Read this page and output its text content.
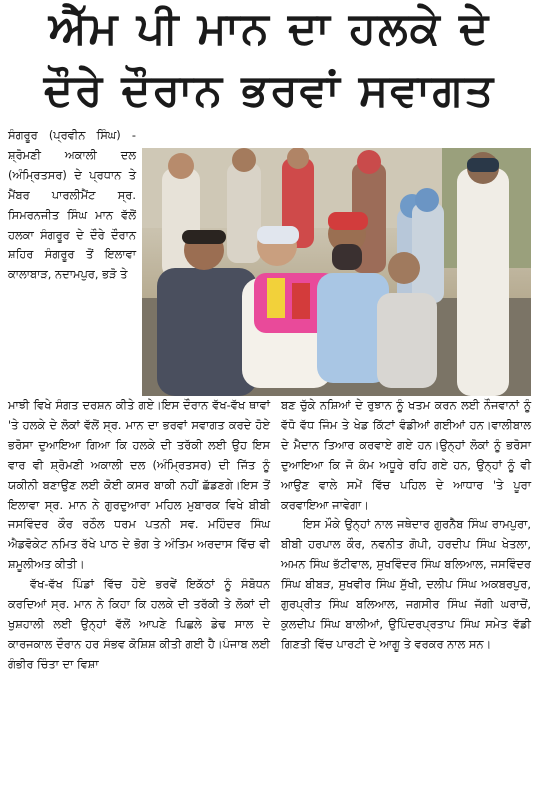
ਐੱਮ ਪੀ ਮਾਨ ਦਾ ਹਲਕੇ ਦੇ
ਦੌਰੇ ਦੌਰਾਨ ਭਰਵਾਂ ਸਵਾਗਤ

ਸੰਗਰੂਰ (ਪ੍ਰਵੀਨ ਸਿੰਘ) - ਸ਼੍ਰੋਮਣੀ ਅਕਾਲੀ ਦਲ (ਅੰਮ੍ਰਿਤਸਰ) ਦੇ ਪ੍ਰਧਾਨ ਤੇ ਮੈਂਬਰ ਪਾਰਲੀਮੈਂਟ ਸ੍ਰ. ਸਿਮਰਨਜੀਤ ਸਿੰਘ ਮਾਨ ਵੱਲੋਂ ਹਲਕਾ ਸੰਗਰੂਰ ਦੇ ਦੌਰੇ ਦੌਰਾਨ ਸ਼ਹਿਰ ਸੰਗਰੂਰ ਤੋਂ ਇਲਾਵਾ ਕਾਲਾਬਾੜ, ਨਦਾਮਪੁਰ, ਭੜੋ ਤੇ

ਮਾਝੀ ਵਿਖੇ ਸੰਗਤ ਦਰਸ਼ਨ ਕੀਤੇ ਗਏ।ਇਸ ਦੌਰਾਨ ਵੱਖ-ਵੱਖ ਥਾਵਾਂ 'ਤੇ ਹਲਕੇ ਦੇ ਲੋਕਾਂ ਵੱਲੋਂ ਸ੍ਰ. ਮਾਨ ਦਾ ਭਰਵਾਂ ਸਵਾਗਤ ਕਰਦੇ ਹੋਏ ਭਰੋਸਾ ਦੁਆਇਆ ਗਿਆ ਕਿ ਹਲਕੇ ਦੀ ਤਰੱਕੀ ਲਈ ਉਹ ਇਸ ਵਾਰ ਵੀ ਸ਼੍ਰੋਮਣੀ ਅਕਾਲੀ ਦਲ (ਅੰਮ੍ਰਿਤਸਰ) ਦੀ ਜਿੱਤ ਨੂੰ ਯਕੀਨੀ ਬਣਾਉਣ ਲਈ ਕੋਈ ਕਸਰ ਬਾਕੀ ਨਹੀਂ ਛੱਡਣਗੇ।ਇਸ ਤੋਂ ਇਲਾਵਾ ਸ੍ਰ. ਮਾਨ ਨੇ ਗੁਰਦੁਆਰਾ ਮਹਿਲ ਮੁਬਾਰਕ ਵਿਖੇ ਬੀਬੀ ਜਸਵਿੰਦਰ ਕੌਰ ਰਠੌਲ ਧਰਮ ਪਤਨੀ ਸਵ. ਮਹਿੰਦਰ ਸਿੰਘ ਐਡਵੋਕੇਟ ਨਮਿਤ ਰੱਖੇ ਪਾਠ ਦੇ ਭੋਗ ਤੇ ਅੰਤਿਮ ਅਰਦਾਸ ਵਿੱਚ ਵੀ ਸ਼ਮੂਲੀਅਤ ਕੀਤੀ।

ਵੱਖ-ਵੱਖ ਪਿੰਡਾਂ ਵਿੱਚ ਹੋਏ ਭਰਵੇਂ ਇਕੱਠਾਂ ਨੂੰ ਸੰਬੋਧਨ ਕਰਦਿਆਂ ਸ੍ਰ. ਮਾਨ ਨੇ ਕਿਹਾ ਕਿ ਹਲਕੇ ਦੀ ਤਰੱਕੀ ਤੇ ਲੋਕਾਂ ਦੀ ਖੁਸ਼ਹਾਲੀ ਲਈ ਉਨ੍ਹਾਂ ਵੱਲੋਂ ਆਪਣੇ ਪਿਛਲੇ ਡੇਢ ਸਾਲ ਦੇ ਕਾਰਜਕਾਲ ਦੌਰਾਨ ਹਰ ਸੰਭਵ ਕੋਸ਼ਿਸ਼ ਕੀਤੀ ਗਈ ਹੈ।ਪੰਜਾਬ ਲਈ ਗੰਭੀਰ ਚਿੰਤਾ ਦਾ ਵਿਸ਼ਾ

ਬਣ ਚੁੱਕੇ ਨਸ਼ਿਆਂ ਦੇ ਰੁਝਾਨ ਨੂੰ ਖਤਮ ਕਰਨ ਲਈ ਨੌਜਵਾਨਾਂ ਨੂੰ ਵੱਧੋ ਵੱਧ ਜਿੰਮ ਤੇ ਖੇਡ ਕਿੱਟਾਂ ਵੰਡੀਆਂ ਗਈਆਂ ਹਨ।ਵਾਲੀਬਾਲ ਦੇ ਮੈਦਾਨ ਤਿਆਰ ਕਰਵਾਏ ਗਏ ਹਨ।ਉਨ੍ਹਾਂ ਲੋਕਾਂ ਨੂੰ ਭਰੋਸਾ ਦੁਆਇਆ ਕਿ ਜੋ ਕੰਮ ਅਧੂਰੇ ਰਹਿ ਗਏ ਹਨ, ਉਨ੍ਹਾਂ ਨੂੰ ਵੀ ਆਉਣ ਵਾਲੇ ਸਮੇਂ ਵਿੱਚ ਪਹਿਲ ਦੇ ਆਧਾਰ 'ਤੇ ਪੂਰਾ ਕਰਵਾਇਆ ਜਾਵੇਗਾ।

ਇਸ ਮੌਕੇ ਉਨ੍ਹਾਂ ਨਾਲ ਜਥੇਦਾਰ ਗੁਰਨੈਬ ਸਿੰਘ ਰਾਮਪੁਰਾ, ਬੀਬੀ ਹਰਪਾਲ ਕੌਰ, ਨਵਨੀਤ ਗੋਪੀ, ਹਰਦੀਪ ਸਿੰਘ ਖੇਤਲਾ, ਅਮਨ ਸਿੰਘ ਭੱਟੀਵਾਲ, ਸੁਖਵਿੰਦਰ ਸਿੰਘ ਬਲਿਆਲ, ਜਸਵਿੰਦਰ ਸਿੰਘ ਬੀਬੜ, ਸੁਖਵੀਰ ਸਿੰਘ ਸੁੱਖੀ, ਦਲੀਪ ਸਿੰਘ ਅਕਬਰਪੁਰ, ਗੁਰਪ੍ਰੀਤ ਸਿੰਘ ਬਲਿਆਲ, ਜਗਸੀਰ ਸਿੰਘ ਜੱਗੀ ਘਰਾਚੋਂ, ਕੁਲਦੀਪ ਸਿੰਘ ਬਾਲੀਆਂ, ਉਪਿੰਦਰਪ੍ਰਤਾਪ ਸਿੰਘ ਸਮੇਤ ਵੱਡੀ ਗਿਣਤੀ ਵਿੱਚ ਪਾਰਟੀ ਦੇ ਆਗੂ ਤੇ ਵਰਕਰ ਨਾਲ ਸਨ।
